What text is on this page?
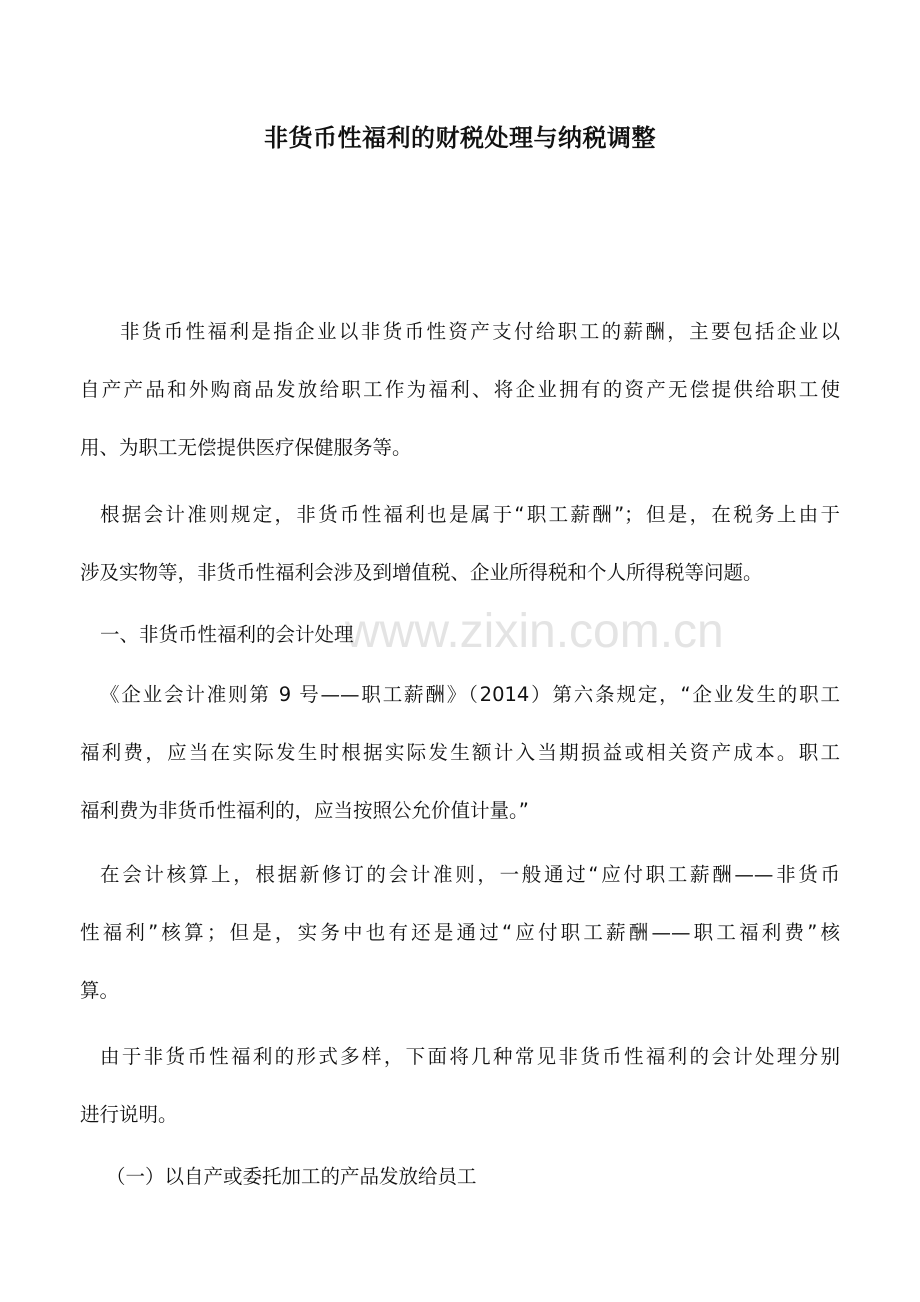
www.zixin.com.cn
非货币性福利的财税处理与纳税调整
非货币性福利是指企业以非货币性资产支付给职工的薪酬，主要包括企业以
自产产品和外购商品发放给职工作为福利、将企业拥有的资产无偿提供给职工使
用、为职工无偿提供医疗保健服务等。
根据会计准则规定，非货币性福利也是属于“职工薪酬”；但是，在税务上由于
涉及实物等，非货币性福利会涉及到增值税、企业所得税和个人所得税等问题。
一、非货币性福利的会计处理
《企业会计准则第 9 号——职工薪酬》（2014）第六条规定，“企业发生的职工
福利费，应当在实际发生时根据实际发生额计入当期损益或相关资产成本。职工
福利费为非货币性福利的，应当按照公允价值计量。”
在会计核算上，根据新修订的会计准则，一般通过“应付职工薪酬——非货币
性福利”核算；但是，实务中也有还是通过“应付职工薪酬——职工福利费”核
算。
由于非货币性福利的形式多样，下面将几种常见非货币性福利的会计处理分别
进行说明。
（一）以自产或委托加工的产品发放给员工
